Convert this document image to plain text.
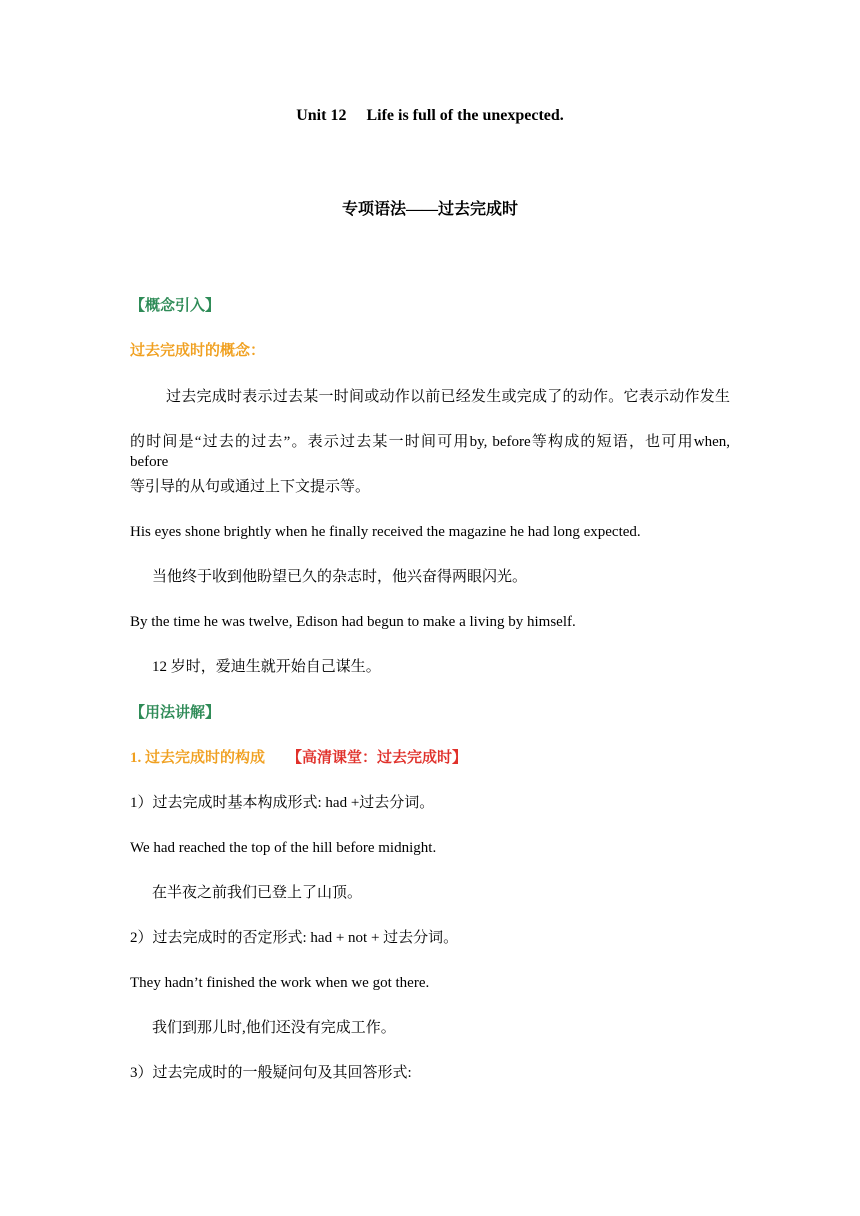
Unit 12  Life is full of the unexpected.
专项语法——过去完成时
【概念引入】
过去完成时的概念：
过去完成时表示过去某一时间或动作以前已经发生或完成了的动作。它表示动作发生
的时间是“过去的过去”。表示过去某一时间可用by, before等构成的短语，也可用when, before
等引导的从句或通过上下文提示等。
His eyes shone brightly when he finally received the magazine he had long expected.
当他终于收到他盼望已久的杂志时，他兴奋得两眼闪光。
By the time he was twelve, Edison had begun to make a living by himself.
12 岁时，爱迪生就开始自己谋生。
【用法讲解】
1. 过去完成时的构成 【高清课堂：过去完成时】
1）过去完成时基本构成形式: had +过去分词。
We had reached the top of the hill before midnight.
在半夜之前我们已登上了山顶。
2）过去完成时的否定形式: had + not + 过去分词。
They hadn’t finished the work when we got there.
我们到那儿时,他们还没有完成工作。
3）过去完成时的一般疑问句及其回答形式:
